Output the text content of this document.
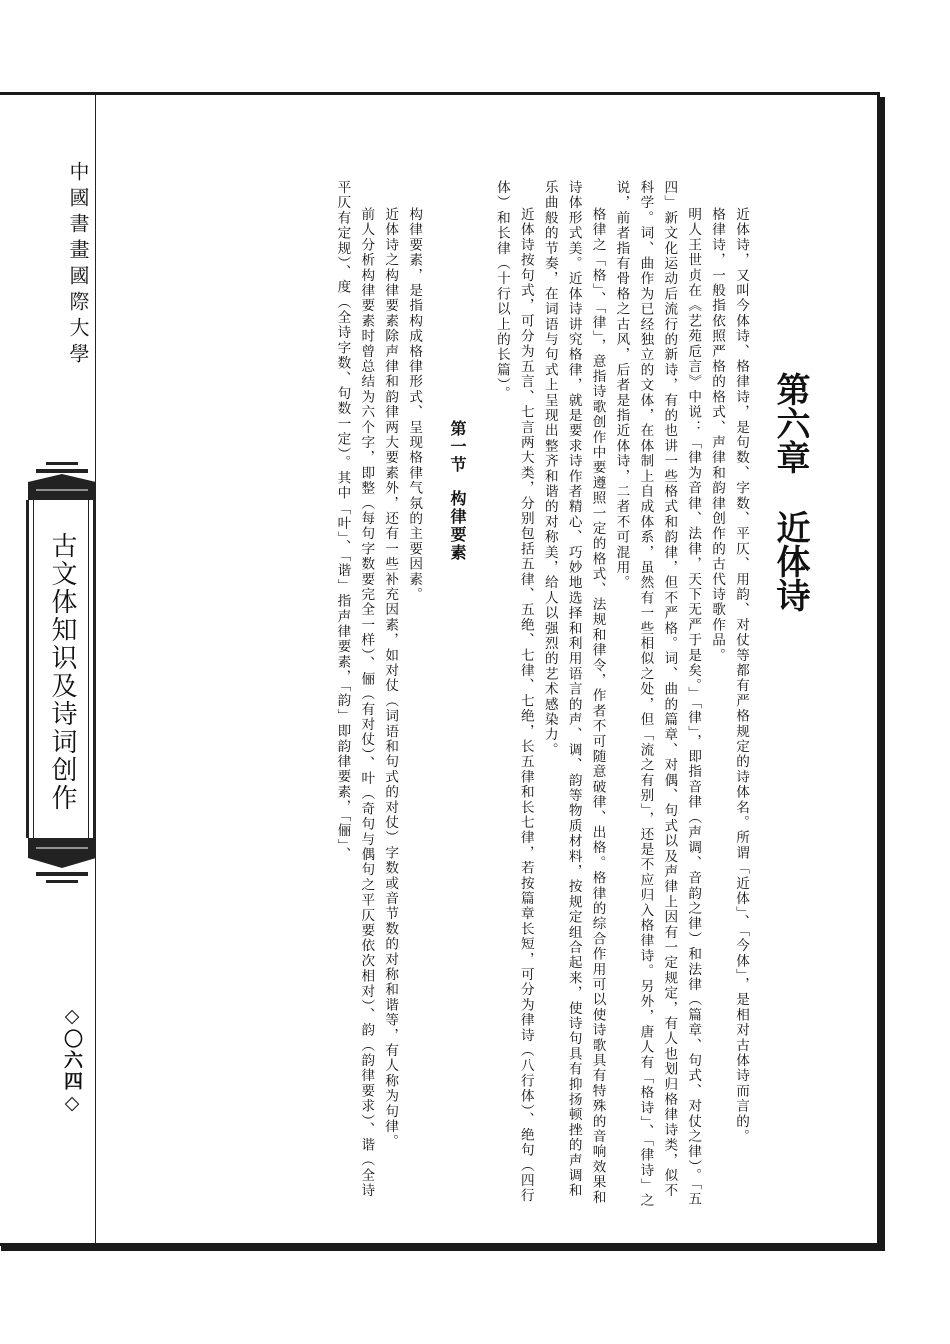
中國書畫國際大學
古文体知识及诗词创作
◇〇六四◇
第六章近体诗

近体诗，又叫今体诗、格律诗，是句数、字数、平仄、用韵、对仗等都有严格规定的诗体名。所谓「近体」、「今体」，是相对古体诗而言的。

格律诗，一般指依照严格的格式、声律和韵律创作的古代诗歌作品。

明人王世贞在《艺苑卮言》中说：「律为音律、法律，天下无严于是矣。」「律」，即指音律（声调、音韵之律）和法律（篇章、句式、对仗之律）。「五四」新文化运动后流行的新诗，有的也讲一些格式和韵律，但不严格。词、曲的篇章、对偶、句式以及声律上因有一定规定，有人也划归格律诗类，似不科学。词、曲作为已经独立的文体，在体制上自成体系，虽然有一些相似之处，但「流之有别」，还是不应归入格律诗。另外，唐人有「格诗」、「律诗」之说，前者指有骨格之古风，后者是指近体诗，二者不可混用。

格律之「格」、「律」，意指诗歌创作中要遵照一定的格式、法规和律令，作者不可随意破律、出格。格律的综合作用可以使诗歌具有特殊的音响效果和诗体形式美。近体诗讲究格律，就是要求诗作者精心、巧妙地选择和利用语言的声、调、韵等物质材料，按规定组合起来，使诗句具有抑扬顿挫的声调和乐曲般的节奏，在词语与句式上呈现出整齐和谐的对称美，给人以强烈的艺术感染力。

近体诗按句式，可分为五言、七言两大类，分别包括五律、五绝、七律、七绝，长五律和长七律，若按篇章长短，可分为律诗（八行体）、绝句（四行体）和长律（十行以上的长篇）。

第一节构律要素

构律要素，是指构成格律形式、呈现格律气氛的主要因素。

近体诗之构律要素除声律和韵律两大要素外，还有一些补充因素，如对仗（词语和句式的对仗）字数或音节数的对称和谐等，有人称为句律。

前人分析构律要素时曾总结为六个字，即整（每句字数要完全一样）、俪（有对仗）、叶（奇句与偶句之平仄要依次相对）、韵（韵律要求）、谐（全诗平仄有定规）、度（全诗字数、句数一定）。其中「叶」、「谐」指声律要素，「韵」即韵律要素，「俪」、
